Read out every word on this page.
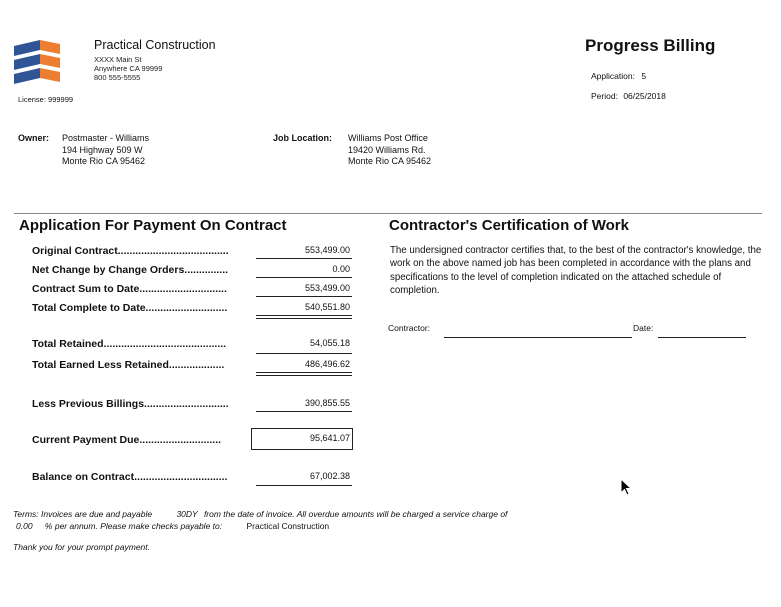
Practical Construction
XXXX Main St
Anywhere CA 99999
800 555-5555
License: 999999
Progress Billing
Application: 5
Period: 06/25/2018
Owner: Postmaster - Williams
194 Highway 509 W
Monte Rio CA 95462
Job Location: Williams Post Office
19420 Williams Rd.
Monte Rio CA 95462
Application For Payment On Contract
Original Contract......................................	553,499.00
Net Change by Change Orders...............	0.00
Contract Sum to Date..............................	553,499.00
Total Complete to Date............................	540,551.80
Total Retained..........................................	54,055.18
Total Earned Less Retained...................	486,496.62
Less Previous Billings.............................	390,855.55
Current Payment Due............................	95,641.07
Balance on Contract................................	67,002.38
Contractor's Certification of Work
The undersigned contractor certifies that, to the best of the contractor's knowledge, the work on the above named job has been completed in accordance with the plans and specifications to the level of completion indicated on the attached schedule of completion.
Contractor:	Date:
Terms: Invoices are due and payable	30DY from the date of invoice. All overdue amounts will be charged a service charge of
0.00 % per annum. Please make checks payable to:	Practical Construction
Thank you for your prompt payment.
